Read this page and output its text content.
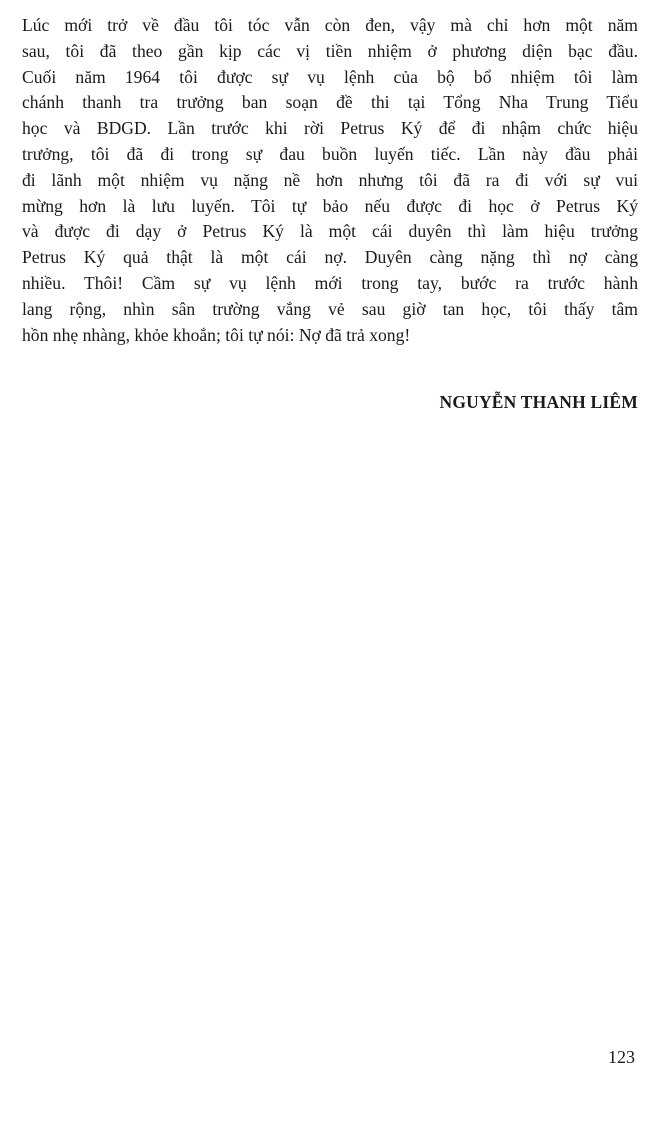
Lúc mới trở về đầu tôi tóc vẫn còn đen, vậy mà chỉ hơn một năm
sau, tôi đã theo gần kịp các vị tiền nhiệm ở phương diện bạc đầu.
Cuối năm 1964 tôi được sự vụ lệnh của bộ bổ nhiệm tôi làm
chánh thanh tra trưởng ban soạn đề thi tại Tổng Nha Trung Tiểu
học và BDGD. Lần trước khi rời Petrus Ký để đi nhậm chức hiệu
trưởng, tôi đã đi trong sự đau buồn luyến tiếc. Lần này đầu phải
đi lãnh một nhiệm vụ nặng nề hơn nhưng tôi đã ra đi với sự vui
mừng hơn là lưu luyến. Tôi tự bảo nếu được đi học ở Petrus Ký
và được đi dạy ở Petrus Ký là một cái duyên thì làm hiệu trưởng
Petrus Ký quả thật là một cái nợ. Duyên càng nặng thì nợ càng
nhiều. Thôi! Cầm sự vụ lệnh mới trong tay, bước ra trước hành
lang rộng, nhìn sân trường vắng vẻ sau giờ tan học, tôi thấy tâm
hồn nhẹ nhàng, khỏe khoắn; tôi tự nói: Nợ đã trả xong!
NGUYỄN THANH LIÊM
123
